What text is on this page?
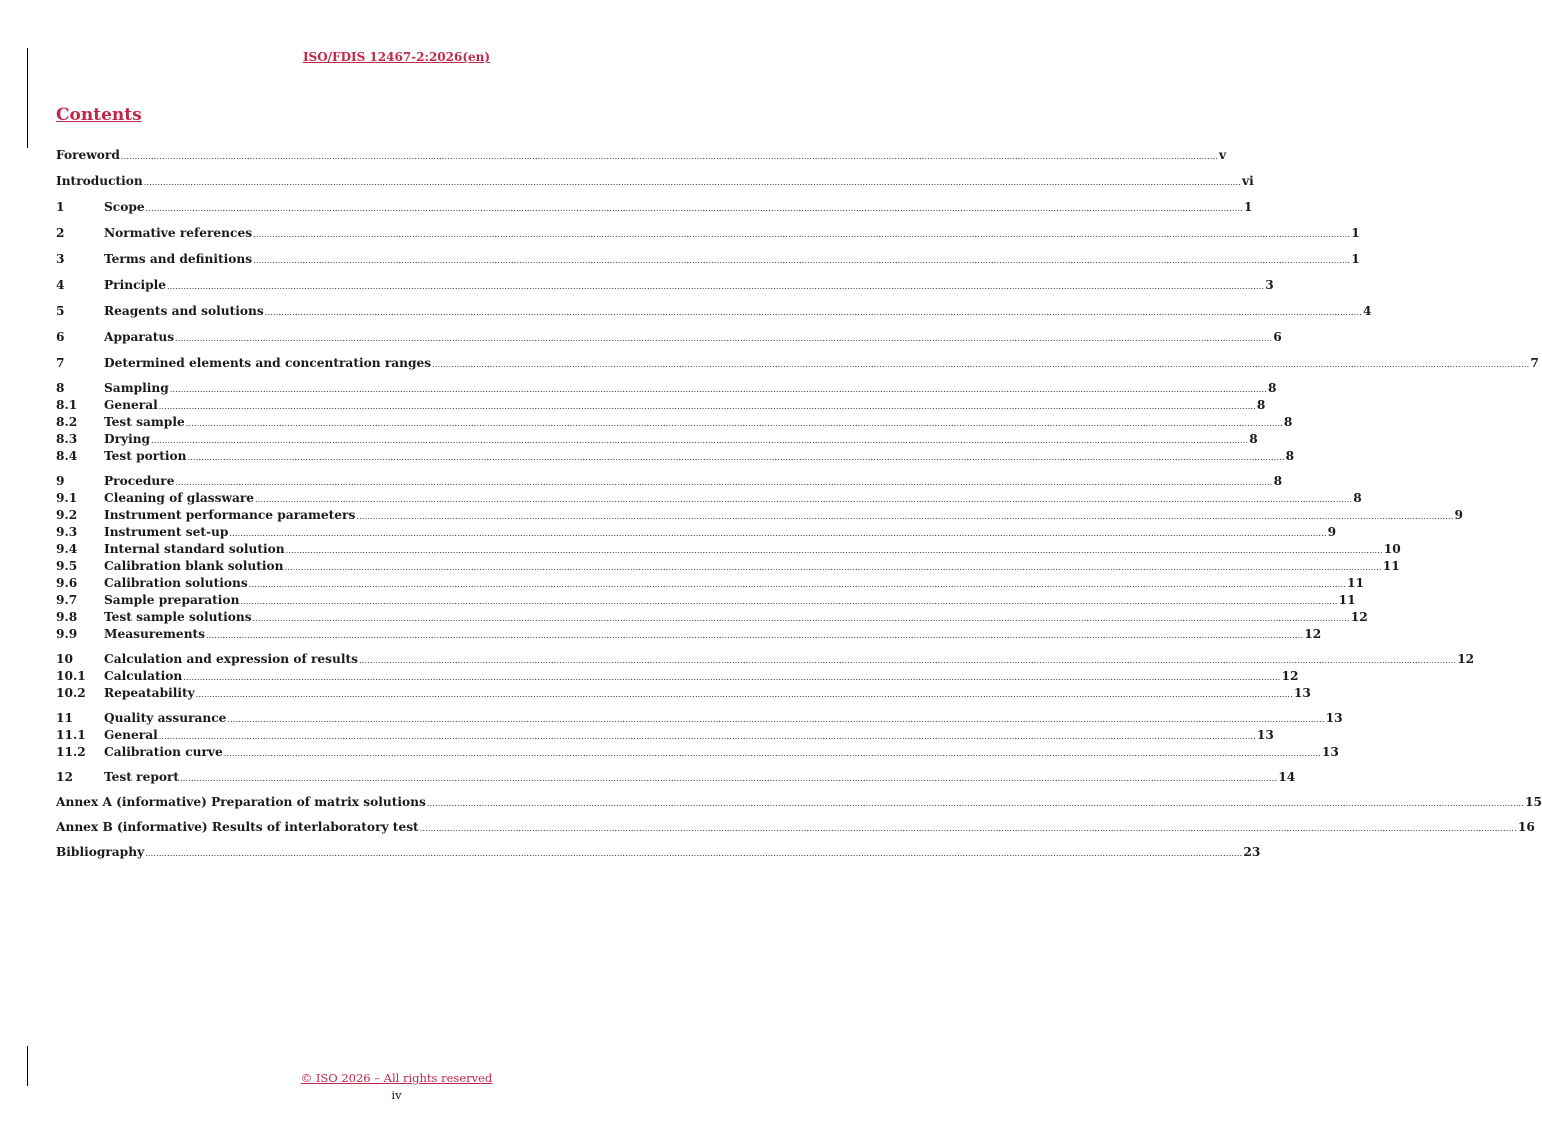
ISO/FDIS 12467-2:2026(en)
Contents
Foreword ................................................................................................................................................................................................................................................................................................................................................................................................................ v
Introduction ................................................................................................................................................................................................................................................................................................................................................................................................................ vi
1	Scope ................................................................................................................................................................................................................................................................................................................................................................................................................ 1
2	Normative references ................................................................................................................................................................................................................................................................................................................................................................................................................ 1
3	Terms and definitions ................................................................................................................................................................................................................................................................................................................................................................................................................ 1
4	Principle ................................................................................................................................................................................................................................................................................................................................................................................................................ 3
5	Reagents and solutions ................................................................................................................................................................................................................................................................................................................................................................................................................ 4
6	Apparatus ................................................................................................................................................................................................................................................................................................................................................................................................................ 6
7	Determined elements and concentration ranges ................................................................................................................................................................................................................................................................................................................................................................................................................ 7
8	Sampling ................................................................................................................................................................................................................................................................................................................................................................................................................ 8
8.1	General ................................................................................................................................................................................................................................................................................................................................................................................................................ 8
8.2	Test sample ................................................................................................................................................................................................................................................................................................................................................................................................................ 8
8.3	Drying ................................................................................................................................................................................................................................................................................................................................................................................................................ 8
8.4	Test portion ................................................................................................................................................................................................................................................................................................................................................................................................................ 8
9	Procedure ................................................................................................................................................................................................................................................................................................................................................................................................................ 8
9.1	Cleaning of glassware ................................................................................................................................................................................................................................................................................................................................................................................................................ 8
9.2	Instrument performance parameters ................................................................................................................................................................................................................................................................................................................................................................................................................ 9
9.3	Instrument set-up ................................................................................................................................................................................................................................................................................................................................................................................................................ 9
9.4	Internal standard solution ................................................................................................................................................................................................................................................................................................................................................................................................................ 10
9.5	Calibration blank solution ................................................................................................................................................................................................................................................................................................................................................................................................................ 11
9.6	Calibration solutions ................................................................................................................................................................................................................................................................................................................................................................................................................ 11
9.7	Sample preparation ................................................................................................................................................................................................................................................................................................................................................................................................................ 11
9.8	Test sample solutions ................................................................................................................................................................................................................................................................................................................................................................................................................ 12
9.9	Measurements ................................................................................................................................................................................................................................................................................................................................................................................................................ 12
10	Calculation and expression of results ................................................................................................................................................................................................................................................................................................................................................................................................................ 12
10.1	Calculation ................................................................................................................................................................................................................................................................................................................................................................................................................ 12
10.2	Repeatability ................................................................................................................................................................................................................................................................................................................................................................................................................ 13
11	Quality assurance ................................................................................................................................................................................................................................................................................................................................................................................................................ 13
11.1	General ................................................................................................................................................................................................................................................................................................................................................................................................................ 13
11.2	Calibration curve ................................................................................................................................................................................................................................................................................................................................................................................................................ 13
12	Test report ................................................................................................................................................................................................................................................................................................................................................................................................................ 14
Annex A (informative) Preparation of matrix solutions ................................................................................................................................................................................................................................................................................................................................................................................................................ 15
Annex B (informative) Results of interlaboratory test ................................................................................................................................................................................................................................................................................................................................................................................................................ 16
Bibliography ................................................................................................................................................................................................................................................................................................................................................................................................................ 23
© ISO 2026 – All rights reserved
iv
